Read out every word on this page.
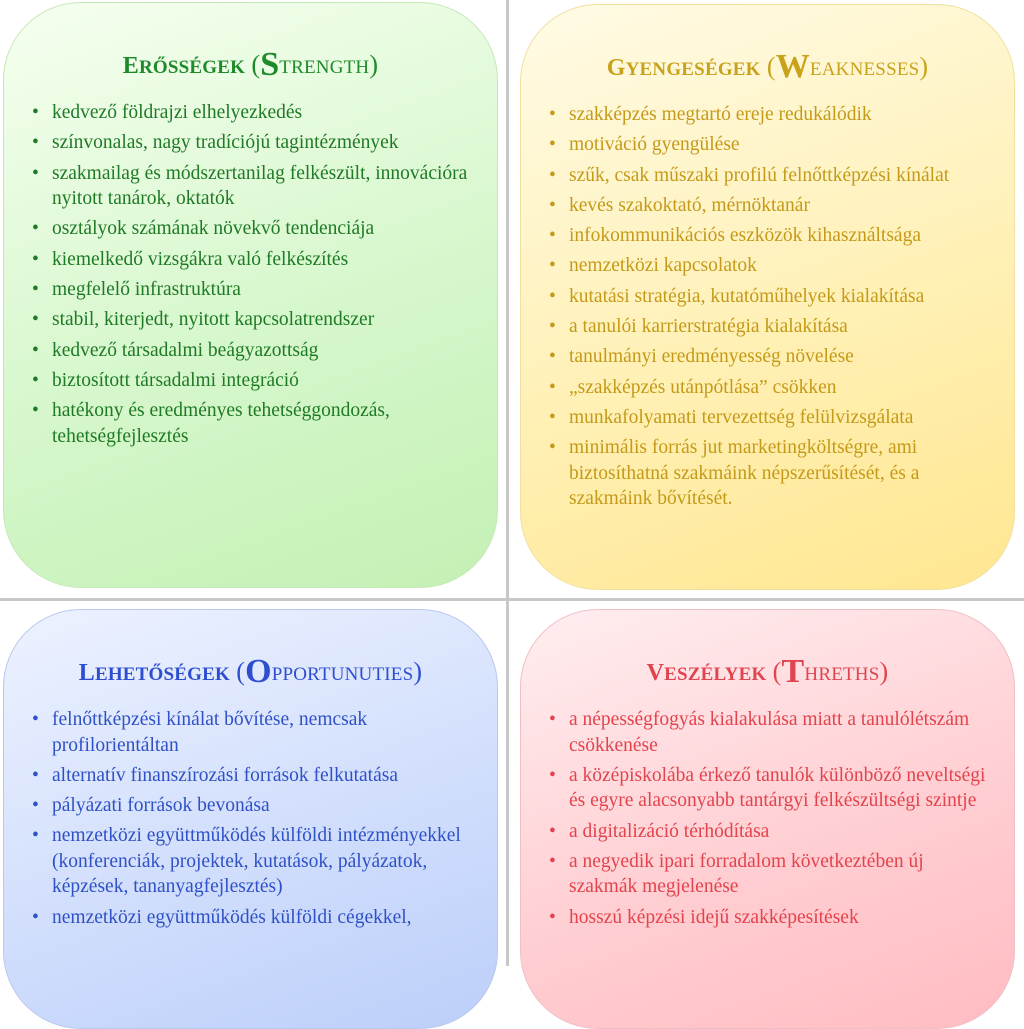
ERŐSSÉGEK (STRENGTH)
• kedvező földrajzi elhelyezkedés
• színvonalas, nagy tradíciójú tagintézmények
• szakmailag és módszertanilag felkészült, innovációra nyitott tanárok, oktatók
• osztályok számának növekvő tendenciája
• kiemelkedő vizsgákra való felkészítés
• megfelelő infrastruktúra
• stabil, kiterjedt, nyitott kapcsolatrendszer
• kedvező társadalmi beágyazottság
• biztosított társadalmi integráció
• hatékony és eredményes tehetséggondozás, tehetségfejlesztés
GYENGESÉGEK (WEAKNESSES)
• szakképzés megtartó ereje redukálódik
• motiváció gyengülése
• szűk, csak műszaki profilú felnőttképzési kínálat
• kevés szakoktató, mérnöktanár
• infokommunikációs eszközök kihasználtsága
• nemzetközi kapcsolatok
• kutatási stratégia, kutatóműhelyek kialakítása
• a tanulói karrierstratégia kialakítása
• tanulmányi eredményesség növelése
• „szakképzés utánpótlása” csökken
• munkafolyamati tervezettség felülvizsgálata
• minimális forrás jut marketingköltségre, ami biztosíthatná szakmáink népszerűsítését, és a szakmáink bővítését.
LEHETŐSÉGEK (OPPORTUNUTIES)
• felnőttképzési kínálat bővítése, nemcsak profilorientáltan
• alternatív finanszírozási források felkutatása
• pályázati források bevonása
• nemzetközi együttműködés külföldi intézményekkel (konferenciák, projektek, kutatások, pályázatok, képzések, tananyagfejlesztés)
• nemzetközi együttműködés külföldi cégekkel,
VESZÉLYEK (THRETHS)
• a népességfogyás kialakulása miatt a tanulólétszám csökkenése
• a középiskolába érkező tanulók különböző neveltségi és egyre alacsonyabb tantárgyi felkészültségi szintje
• a digitalizáció térhódítása
• a negyedik ipari forradalom következtében új szakmák megjelenése
• hosszú képzési idejű szakképesítések
